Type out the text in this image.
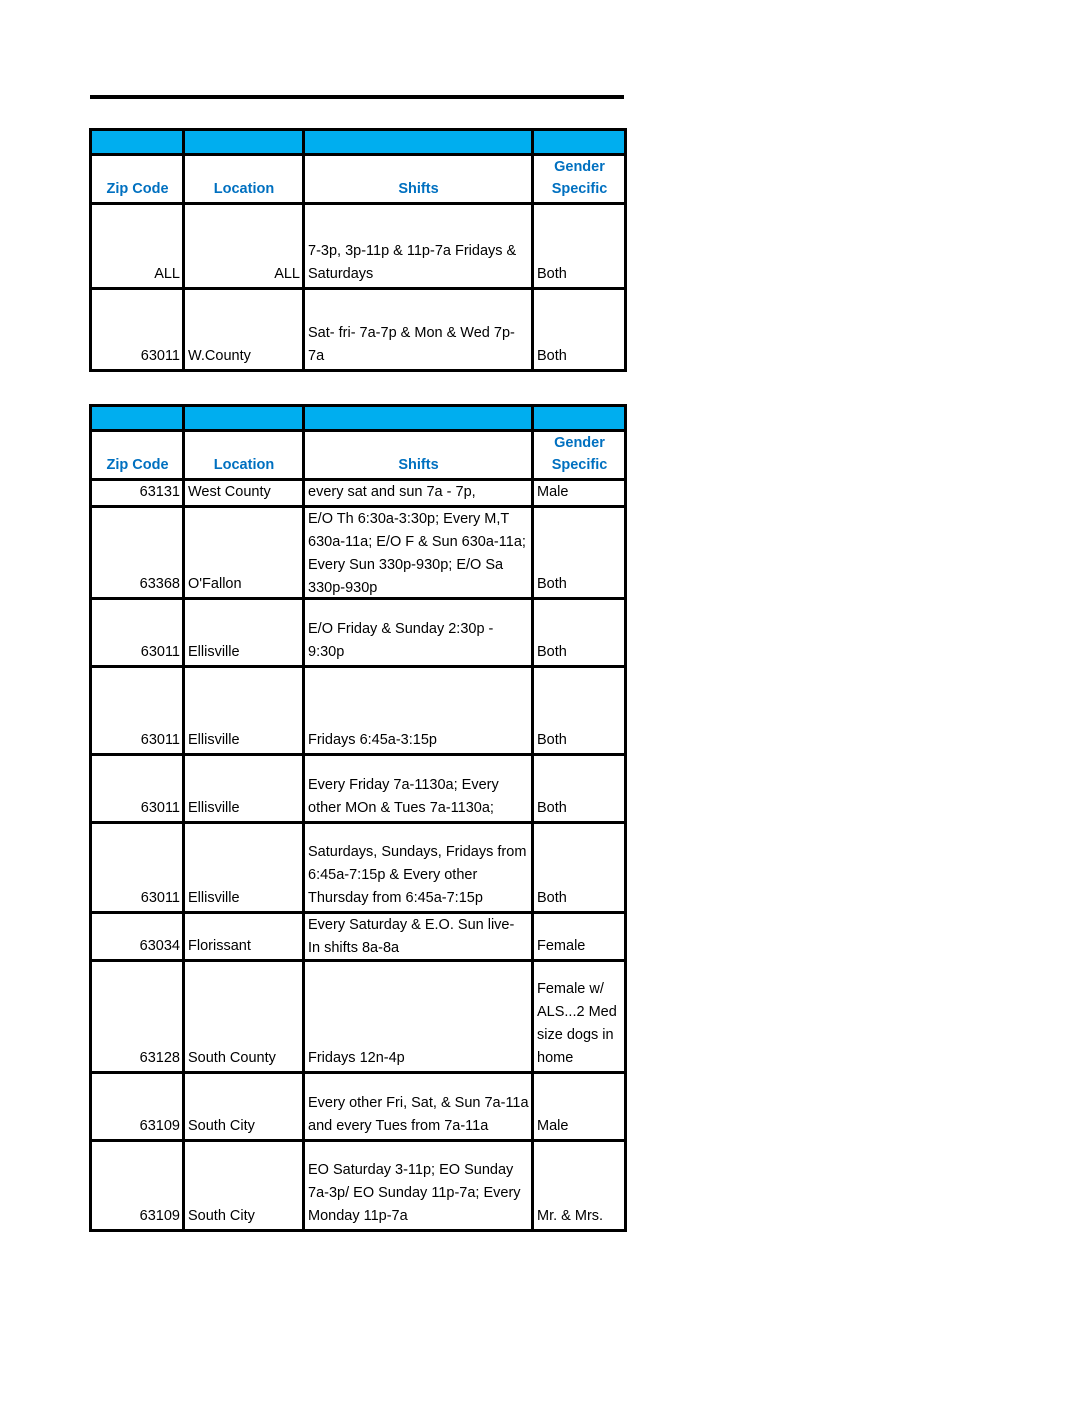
Zip Code	Location	Shifts	Gender Specific
ALL	ALL	7-3p, 3p-11p & 11p-7a Fridays & Saturdays	Both
63011	W.County	Sat- fri- 7a-7p & Mon & Wed 7p-7a	Both

Zip Code	Location	Shifts	Gender Specific
63131	West County	every sat and sun 7a - 7p,	Male
63368	O'Fallon	E/O Th 6:30a-3:30p; Every M,T 630a-11a; E/O F & Sun 630a-11a; Every Sun 330p-930p; E/O Sa 330p-930p	Both
63011	Ellisville	E/O Friday & Sunday 2:30p - 9:30p	Both
63011	Ellisville	Fridays 6:45a-3:15p	Both
63011	Ellisville	Every Friday 7a-1130a; Every other MOn & Tues 7a-1130a;	Both
63011	Ellisville	Saturdays, Sundays, Fridays from 6:45a-7:15p & Every other Thursday from 6:45a-7:15p	Both
63034	Florissant	Every Saturday & E.O. Sun live- In shifts 8a-8a	Female
63128	South County	Fridays 12n-4p	Female w/ ALS...2 Med size dogs in home
63109	South City	Every other Fri, Sat, & Sun 7a-11a and every Tues from 7a-11a	Male
63109	South City	EO Saturday 3-11p; EO Sunday 7a-3p/ EO Sunday 11p-7a; Every Monday 11p-7a	Mr. & Mrs.
